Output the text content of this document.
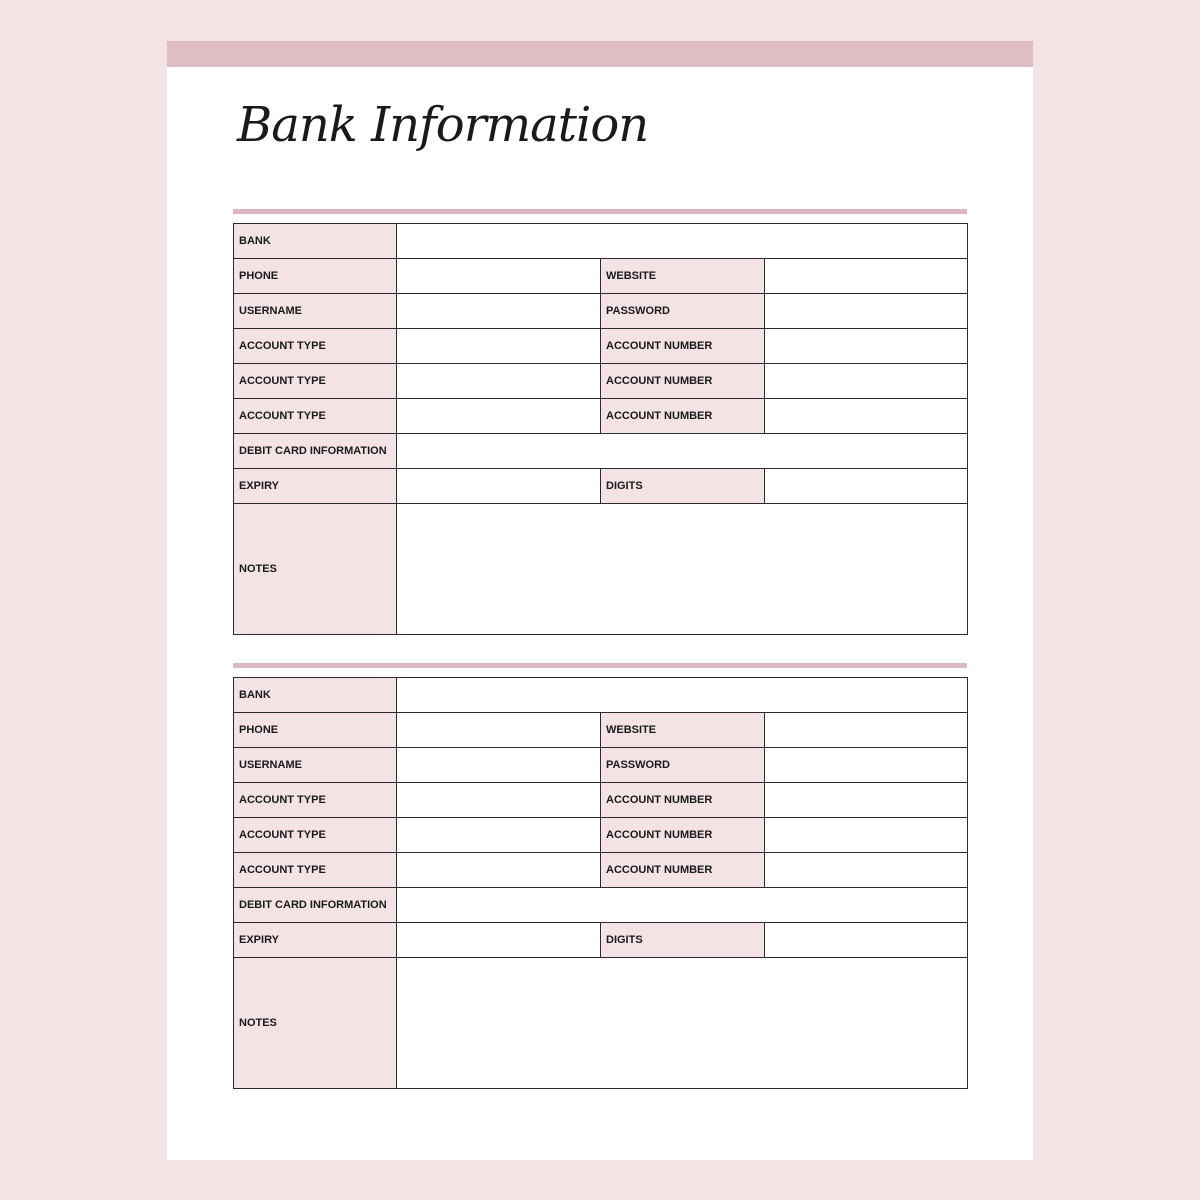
Bank Information
BANK			
PHONE		WEBSITE	
USERNAME		PASSWORD	
ACCOUNT TYPE		ACCOUNT NUMBER	
ACCOUNT TYPE		ACCOUNT NUMBER	
ACCOUNT TYPE		ACCOUNT NUMBER	
DEBIT CARD INFORMATION			
EXPIRY		DIGITS	
NOTES			
BANK			
PHONE		WEBSITE	
USERNAME		PASSWORD	
ACCOUNT TYPE		ACCOUNT NUMBER	
ACCOUNT TYPE		ACCOUNT NUMBER	
ACCOUNT TYPE		ACCOUNT NUMBER	
DEBIT CARD INFORMATION			
EXPIRY		DIGITS	
NOTES			
